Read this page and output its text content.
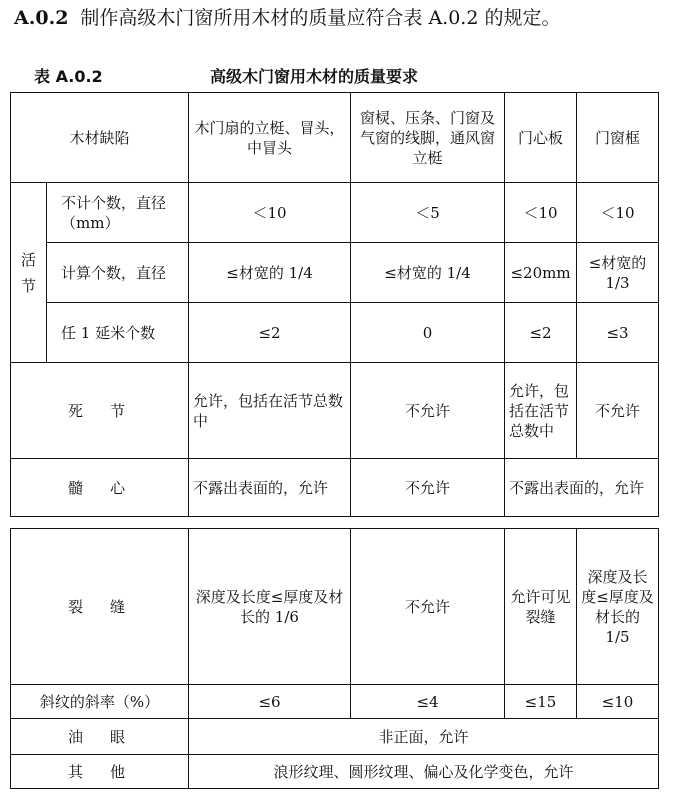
A.0.2 制作高级木门窗所用木材的质量应符合表 A.0.2 的规定。
表 A.0.2	高级木门窗用木材的质量要求
木材缺陷		木门扇的立梃、冒头，中冒头	窗棂、压条、门窗及气窗的线脚，通风窗立梃	门心板	门窗框

活节	不计个数，直径（mm）	＜10	＜5	＜10	＜10
	计算个数，直径	≤材宽的 1/4	≤材宽的 1/4	≤20mm	≤材宽的 1/3
	任 1 延米个数	≤2	0	≤2	≤3
死　节		允许，包括在活节总数中	不允许	允许，包括在活节总数中	不允许
髓　心		不露出表面的，允许	不允许	不露出表面的，允许	
裂　缝	深度及长度≤厚度及材长的 1/6	不允许	允许可见裂缝	深度及长度≤厚度及材长的 1/5
斜纹的斜率（%）	≤6	≤4	≤15	≤10
油　眼	非正面，允许			
其　他	浪形纹理、圆形纹理、偏心及化学变色，允许			
